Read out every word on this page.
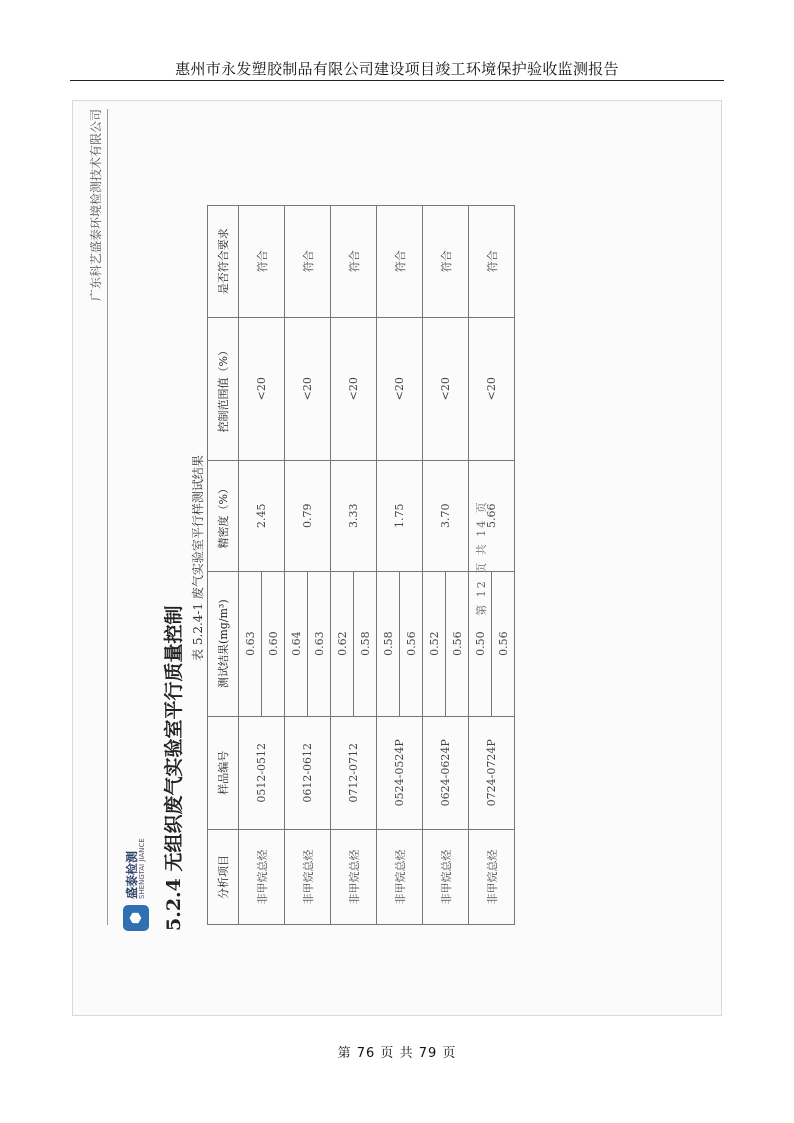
惠州市永发塑胶制品有限公司建设项目竣工环境保护验收监测报告
广东科艺盛泰环境检测技术有限公司
⬢
盛泰检测
SHENGTAI JIANCE 5.2.4 无组织废气实验室平行质量控制
表 5.2.4-1 废气实验室平行样测试结果
分析项目	样品编号	测试结果(mg/m³)	精密度（%）	控制范围值（%）	是否符合要求
非甲烷总烃	0512-0512	0.63	2.45	<20	符合
		0.60			
非甲烷总烃	0612-0612	0.64	0.79	<20	符合
		0.63			
非甲烷总烃	0712-0712	0.62	3.33	<20	符合
		0.58			
非甲烷总烃	0524-0524P	0.58	1.75	<20	符合
		0.56			
非甲烷总烃	0624-0624P	0.52	3.70	<20	符合
		0.56			
非甲烷总烃	0724-0724P	0.50	5.66	<20	符合
		0.56			
第 12 页 共 14 页
第 76 页 共 79 页
